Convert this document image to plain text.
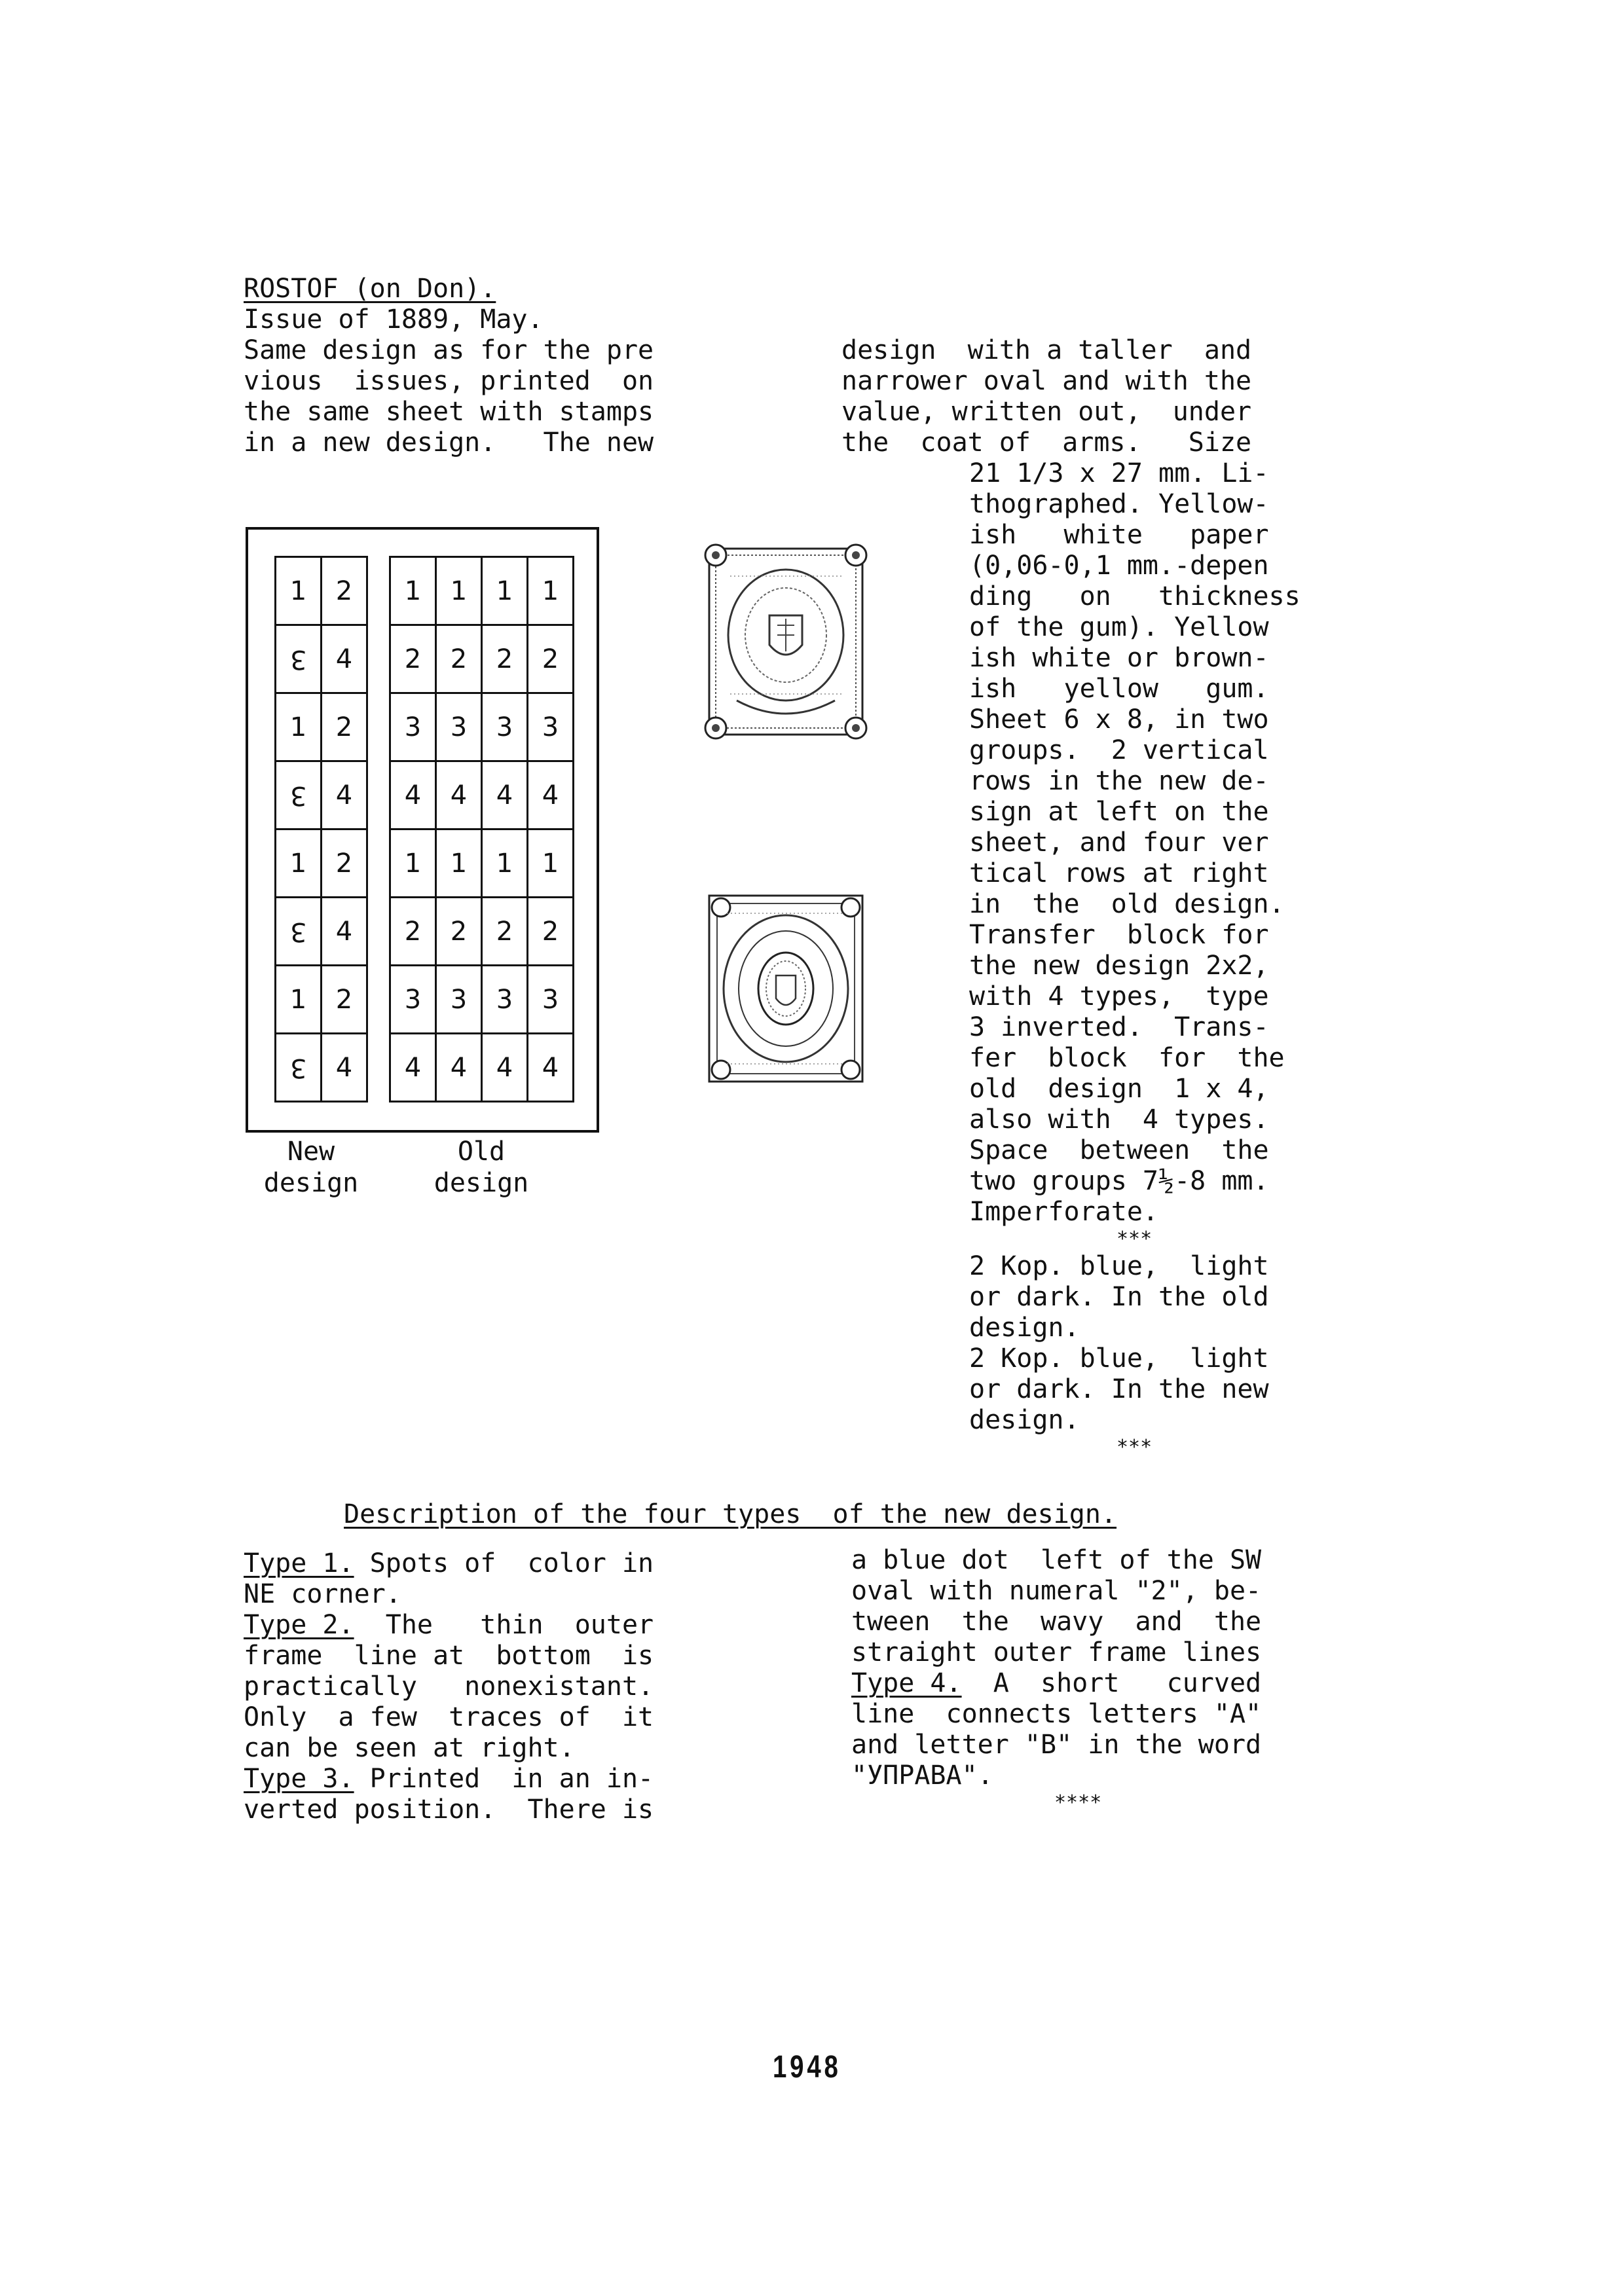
ROSTOF (on Don).
Issue of 1889, May.
Same design as for the pre
vious  issues, printed  on
the same sheet with stamps
in a new design.   The new
design  with a taller  and
narrower oval and with the
value, written out,  under
the  coat of  arms.   Size
21 1/3 x 27 mm. Li-
thographed. Yellow-
ish   white   paper
(0,06-0,1 mm.-depen
ding   on   thickness
of the gum). Yellow
ish white or brown-
ish   yellow   gum.
Sheet 6 x 8, in two
groups.  2 vertical
rows in the new de-
sign at left on the
sheet, and four ver
tical rows at right
in  the  old design.
Transfer  block for
the new design 2x2,
with 4 types,  type
3 inverted.  Trans-
fer  block  for  the
old  design  1 x 4,
also with  4 types.
Space  between  the
two groups 7½-8 mm.
Imperforate.
***
2 Kop. blue,  light
or dark. In the old
design.
2 Kop. blue,  light
or dark. In the new
design.
***
1 2
3 4
1 2
3 4
1 2
3 4
1 2
3 4
1 1 1 1
2 2 2 2
3 3 3 3
4 4 4 4
1 1 1 1
2 2 2 2
3 3 3 3
4 4 4 4
New
design
Old
design
Description of the four types  of the new design.
Type 1. Spots of  color in
NE corner.
Type 2.  The   thin  outer
frame  line at  bottom  is
practically   nonexistant.
Only  a few  traces of  it
can be seen at right.
Type 3. Printed  in an in-
verted position.  There is
a blue dot  left of the SW
oval with numeral "2", be-
tween  the  wavy  and  the
straight outer frame lines
Type 4.  A  short   curved
line  connects letters "A"
and letter "B" in the word
"УПРАВА".
****
1948
